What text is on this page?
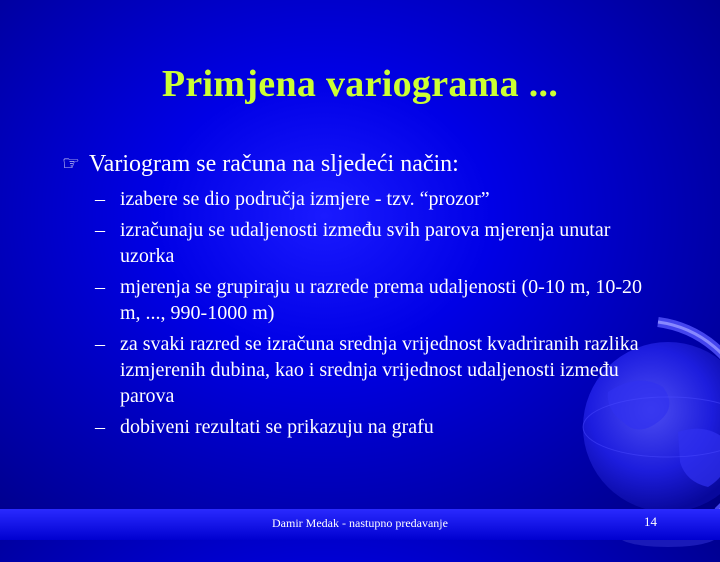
Primjena variograma ...
☞ Variogram se računa na sljedeći način:
– izabere se dio područja izmjere - tzv. “prozor”
– izračunaju se udaljenosti između svih parova mjerenja unutar uzorka
– mjerenja se grupiraju u razrede prema udaljenosti (0-10 m, 10-20 m, ..., 990-1000 m)
– za svaki razred se izračuna srednja vrijednost kvadriranih razlika izmjerenih dubina, kao i srednja vrijednost udaljenosti između parova
– dobiveni rezultati se prikazuju na grafu
Damir Medak - nastupno predavanje	14
